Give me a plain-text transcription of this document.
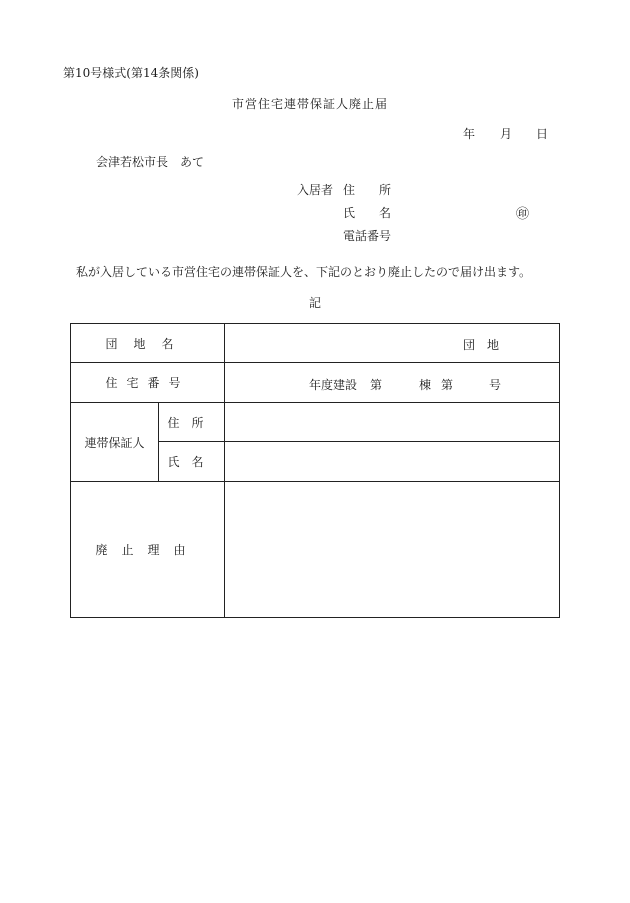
第10号様式(第14条関係)
市営住宅連帯保証人廃止届
年 月 日
会津若松市長　あて
入居者 住　　所
氏　　名	㊞
電話番号
私が入居している市営住宅の連帯保証人を、下記のとおり廃止したので届け出ます。
記
団地名		団　地

住宅番号		年度建設 第 棟 第 号

連帯保証人	住所	
	氏名	
廃止理由		
